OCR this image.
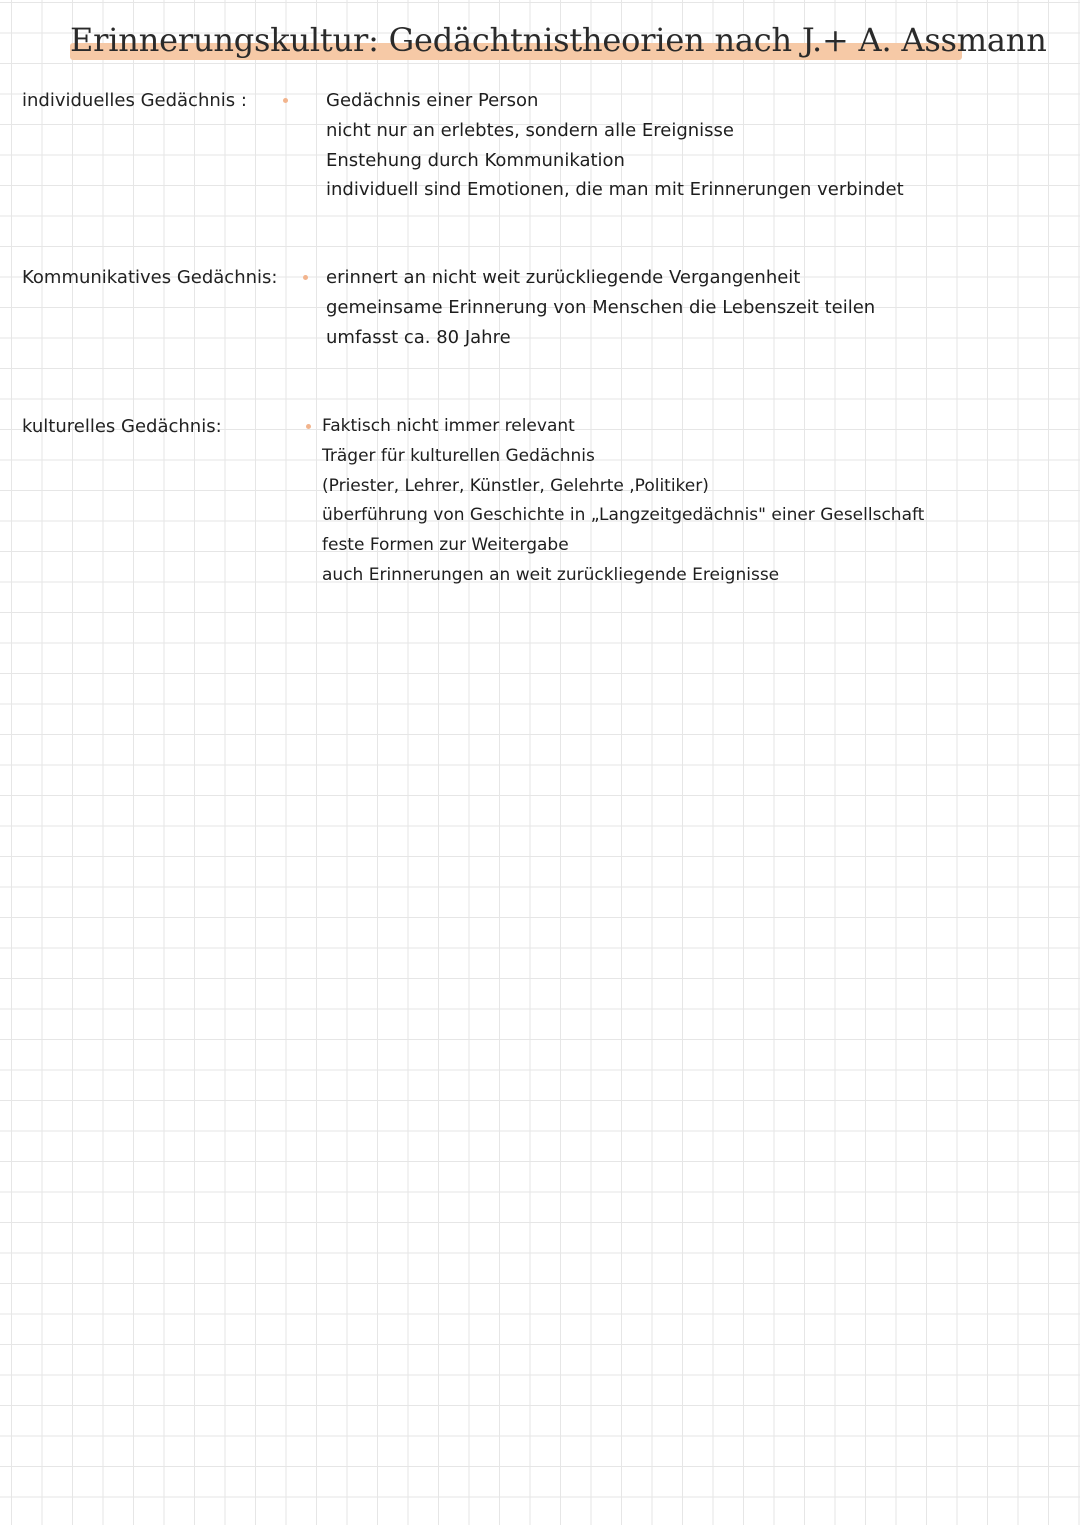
Erinnerungskultur: Gedächtnistheorien nach J.+ A. Assmann
individuelles Gedächnis :	Gedächnis einer Person
nicht nur an erlebtes, sondern alle Ereignisse
Enstehung durch Kommunikation
individuell sind Emotionen, die man mit Erinnerungen verbindet
Kommunikatives Gedächnis:	erinnert an nicht weit zurückliegende Vergangenheit
gemeinsame Erinnerung von Menschen die Lebenszeit teilen
umfasst ca. 80 Jahre
kulturelles Gedächnis:	Faktisch nicht immer relevant
Träger für kulturellen Gedächnis
(Priester, Lehrer, Künstler, Gelehrte ,Politiker)
überführung von Geschichte in „Langzeitgedächnis" einer Gesellschaft
feste Formen zur Weitergabe
auch Erinnerungen an weit zurückliegende Ereignisse
